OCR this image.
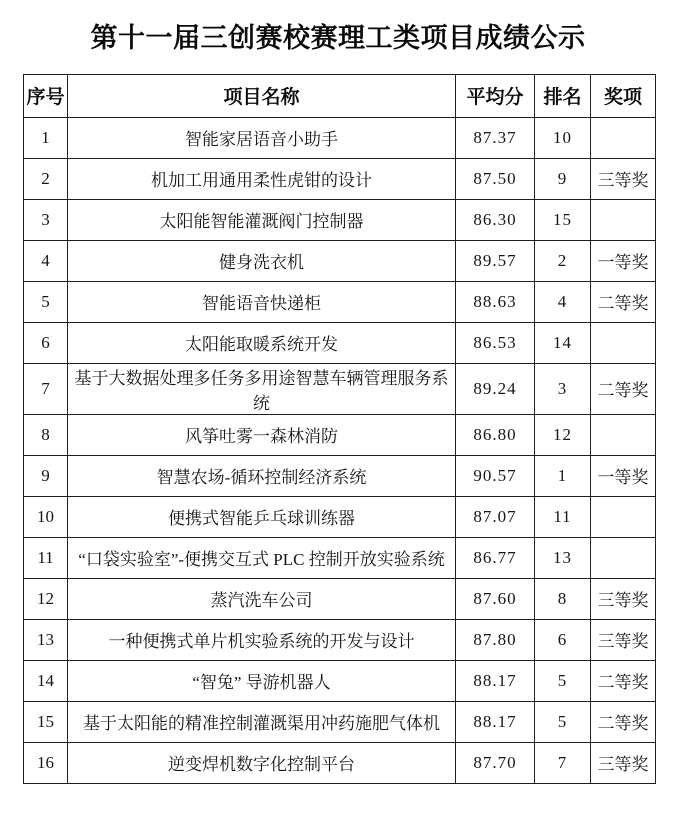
第十一届三创赛校赛理工类项目成绩公示
序号	项目名称	平均分	排名	奖项
1	智能家居语音小助手	87.37	10	
2	机加工用通用柔性虎钳的设计	87.50	9	三等奖
3	太阳能智能灌溉阀门控制器	86.30	15	
4	健身洗衣机	89.57	2	一等奖
5	智能语音快递柜	88.63	4	二等奖
6	太阳能取暖系统开发	86.53	14	
7	基于大数据处理多任务多用途智慧车辆管理服务系统	89.24	3	二等奖
8	风筝吐雾一森林消防	86.80	12	
9	智慧农场-循环控制经济系统	90.57	1	一等奖
10	便携式智能乒乓球训练器	87.07	11	
11	“口袋实验室”-便携交互式 PLC 控制开放实验系统	86.77	13	
12	蒸汽洗车公司	87.60	8	三等奖
13	一种便携式单片机实验系统的开发与设计	87.80	6	三等奖
14	“智兔” 导游机器人	88.17	5	二等奖
15	基于太阳能的精准控制灌溉渠用冲药施肥气体机	88.17	5	二等奖
16	逆变焊机数字化控制平台	87.70	7	三等奖
